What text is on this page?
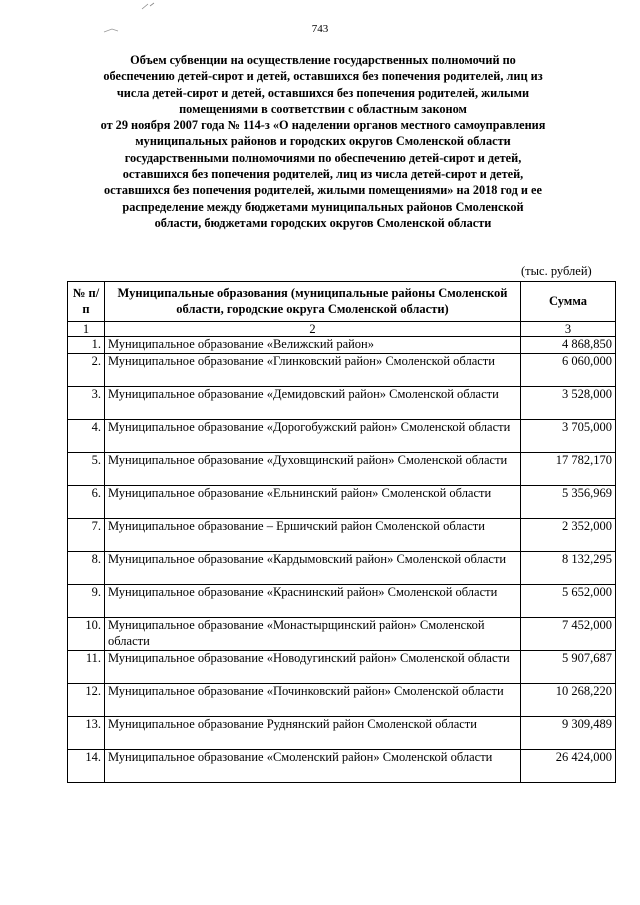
743
Объем субвенции на осуществление государственных полномочий по
обеспечению детей-сирот и детей, оставшихся без попечения родителей, лиц из
числа детей-сирот и детей, оставшихся без попечения родителей, жилыми
помещениями в соответствии с областным законом
от 29 ноября 2007 года № 114-з «О наделении органов местного самоуправления
муниципальных районов и городских округов Смоленской области
государственными полномочиями по обеспечению детей-сирот и детей,
оставшихся без попечения родителей, лиц из числа детей-сирот и детей,
оставшихся без попечения родителей, жилыми помещениями» на 2018 год и ее
распределение между бюджетами муниципальных районов Смоленской
области, бюджетами городских округов Смоленской области
(тыс. рублей)
№ п/п	Муниципальные образования (муниципальные районы Смоленской области, городские округа Смоленской области)	Сумма
1	2	3
1.	Муниципальное образование «Велижский район»	4 868,850
2.	Муниципальное образование «Глинковский район» Смоленской области	6 060,000
3.	Муниципальное образование «Демидовский район» Смоленской области	3 528,000
4.	Муниципальное образование «Дорогобужский район» Смоленской области	3 705,000
5.	Муниципальное образование «Духовщинский район» Смоленской области	17 782,170
6.	Муниципальное образование «Ельнинский район» Смоленской области	5 356,969
7.	Муниципальное образование – Ершичский район Смоленской области	2 352,000
8.	Муниципальное образование «Кардымовский район» Смоленской области	8 132,295
9.	Муниципальное образование «Краснинский район» Смоленской области	5 652,000
10.	Муниципальное образование «Монастырщинский район» Смоленской области	7 452,000
11.	Муниципальное образование «Новодугинский район» Смоленской области	5 907,687
12.	Муниципальное образование «Починковский район» Смоленской области	10 268,220
13.	Муниципальное образование Руднянский район Смоленской области	9 309,489
14.	Муниципальное образование «Смоленский район» Смоленской области	26 424,000
